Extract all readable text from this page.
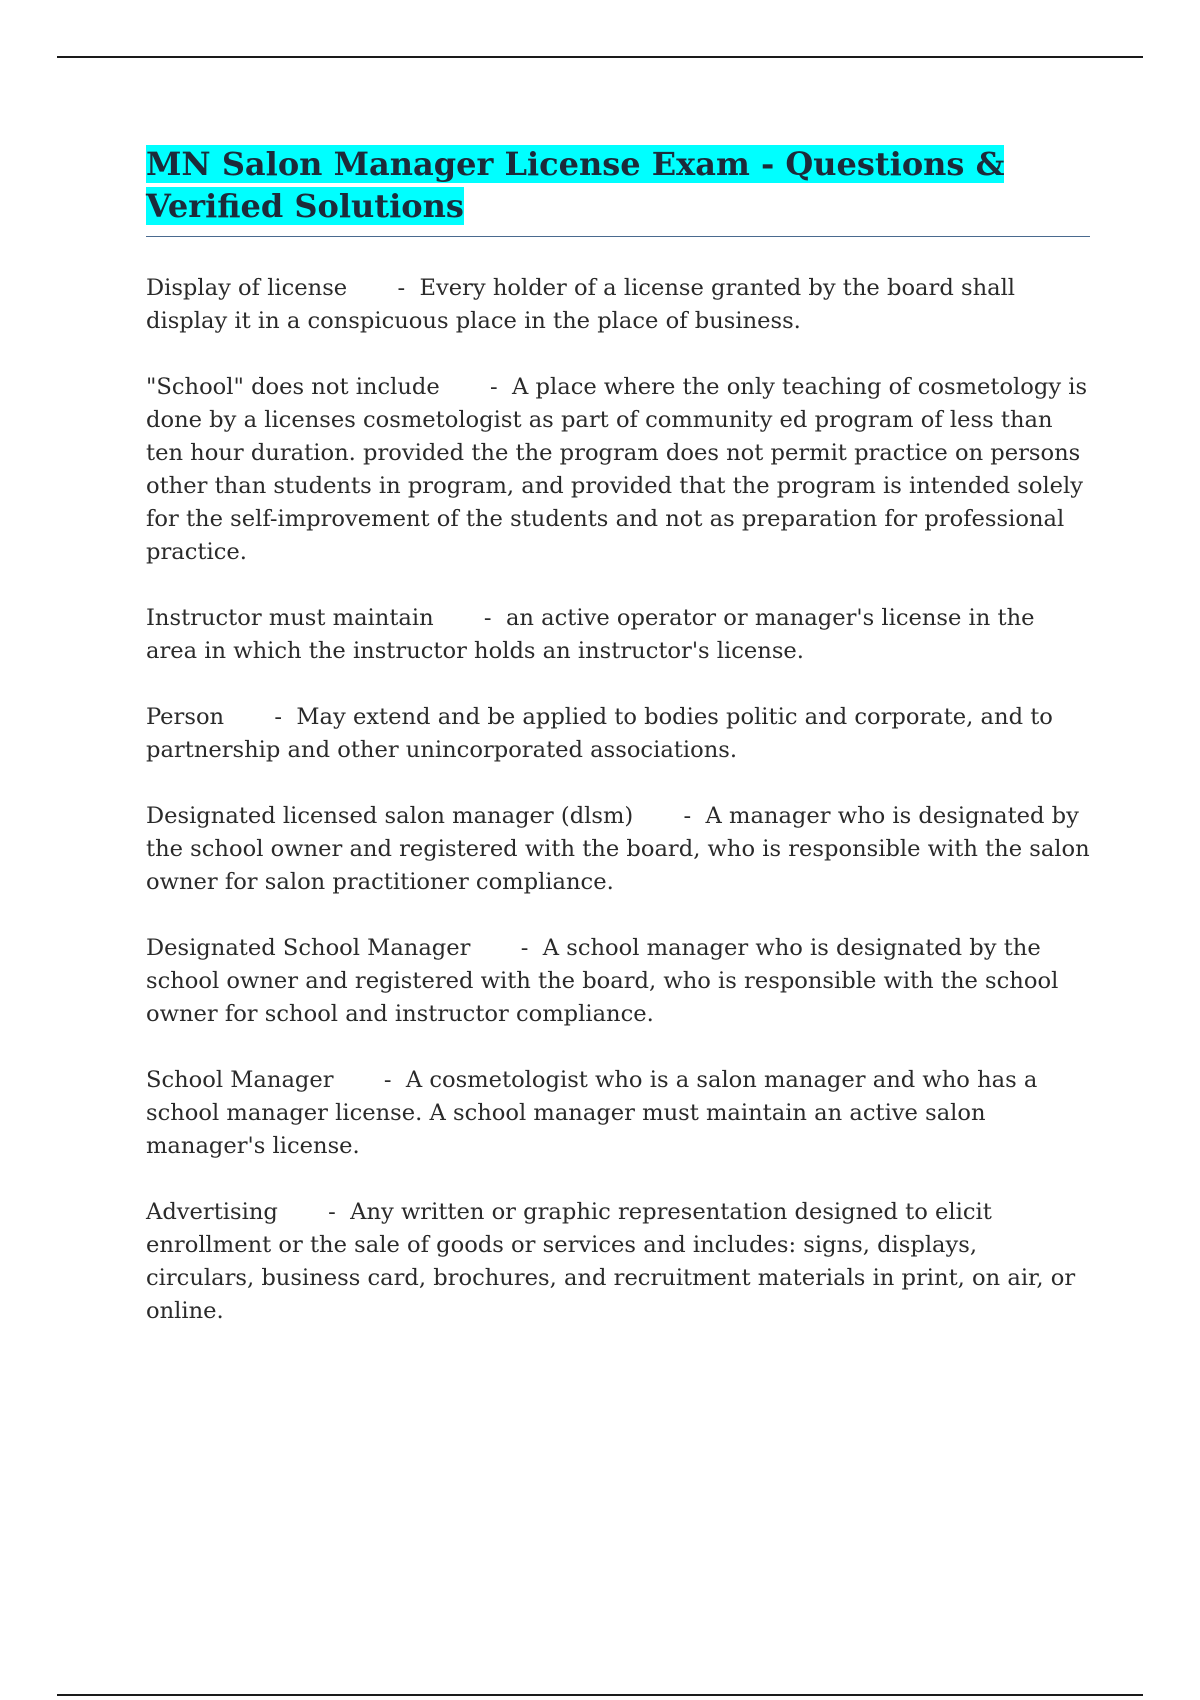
MN Salon Manager License Exam - Questions & Verified Solutions

Display of license       -  Every holder of a license granted by the board shall display it in a conspicuous place in the place of business.

"School" does not include       -  A place where the only teaching of cosmetology is done by a licenses cosmetologist as part of community ed program of less than ten hour duration. provided the the program does not permit practice on persons other than students in program, and provided that the program is intended solely for the self-improvement of the students and not as preparation for professional practice.

Instructor must maintain       -  an active operator or manager's license in the area in which the instructor holds an instructor's license.

Person       -  May extend and be applied to bodies politic and corporate, and to partnership and other unincorporated associations.

Designated licensed salon manager (dlsm)       -  A manager who is designated by the school owner and registered with the board, who is responsible with the salon owner for salon practitioner compliance.

Designated School Manager       -  A school manager who is designated by the school owner and registered with the board, who is responsible with the school owner for school and instructor compliance.

School Manager       -  A cosmetologist who is a salon manager and who has a school manager license. A school manager must maintain an active salon manager's license.

Advertising       -  Any written or graphic representation designed to elicit enrollment or the sale of goods or services and includes: signs, displays, circulars, business card, brochures, and recruitment materials in print, on air, or online.
